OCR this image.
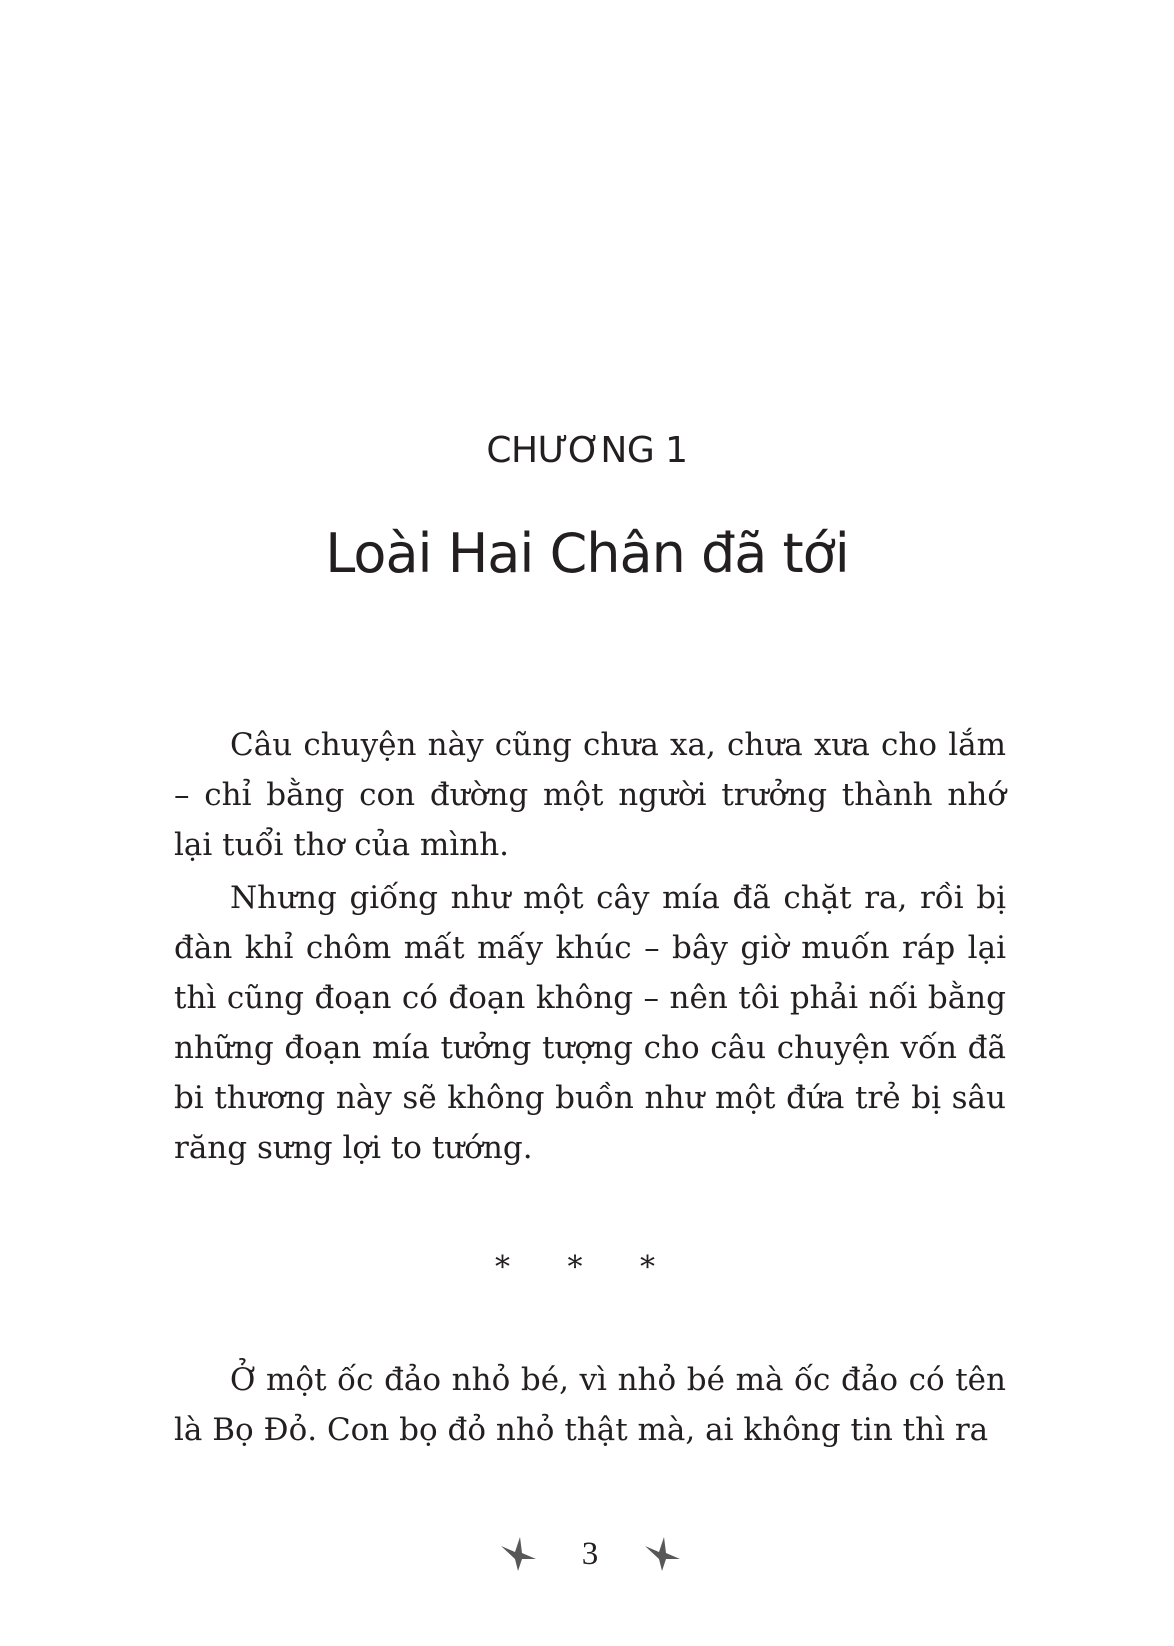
CHƯƠNG 1
Loài Hai Chân đã tới

Câu chuyện này cũng chưa xa, chưa xưa cho lắm – chỉ bằng con đường một người trưởng thành nhớ lại tuổi thơ của mình.

Nhưng giống như một cây mía đã chặt ra, rồi bị đàn khỉ chôm mất mấy khúc – bây giờ muốn ráp lại thì cũng đoạn có đoạn không – nên tôi phải nối bằng những đoạn mía tưởng tượng cho câu chuyện vốn đã bi thương này sẽ không buồn như một đứa trẻ bị sâu răng sưng lợi to tướng.

* * *

Ở một ốc đảo nhỏ bé, vì nhỏ bé mà ốc đảo có tên là Bọ Đỏ. Con bọ đỏ nhỏ thật mà, ai không tin thì ra

3
